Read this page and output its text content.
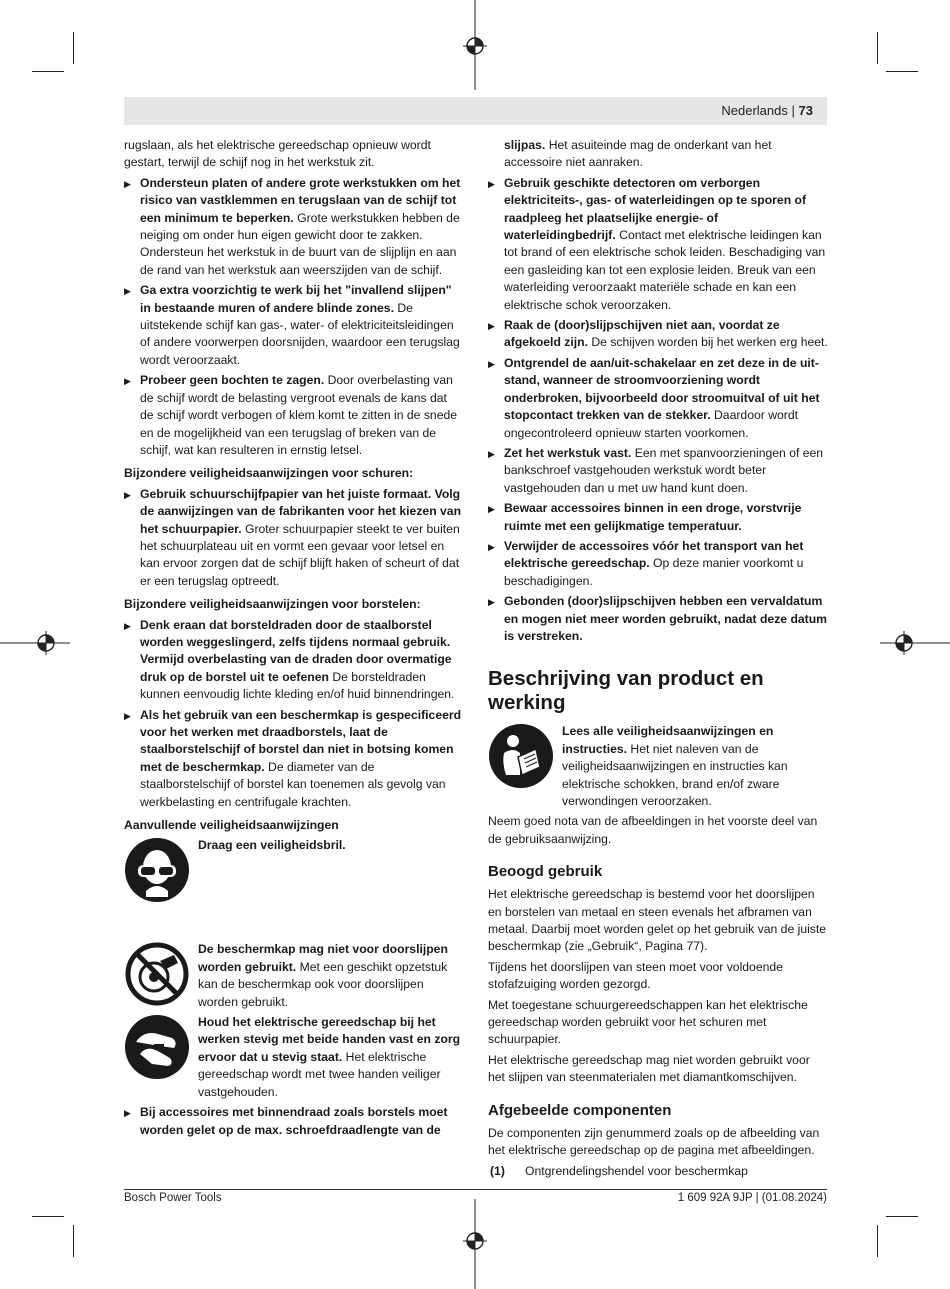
Nederlands | 73

rugslaan, als het elektrische gereedschap opnieuw wordt gestart, terwijl de schijf nog in het werkstuk zit.

▶ Ondersteun platen of andere grote werkstukken om het risico van vastklemmen en terugslaan van de schijf tot een minimum te beperken. Grote werkstukken hebben de neiging om onder hun eigen gewicht door te zakken. Ondersteun het werkstuk in de buurt van de slijplijn en aan de rand van het werkstuk aan weerszijden van de schijf.
▶ Ga extra voorzichtig te werk bij het "invallend slijpen" in bestaande muren of andere blinde zones. De uitstekende schijf kan gas-, water- of elektriciteitsleidingen of andere voorwerpen doorsnijden, waardoor een terugslag wordt veroorzaakt.
▶ Probeer geen bochten te zagen. Door overbelasting van de schijf wordt de belasting vergroot evenals de kans dat de schijf wordt verbogen of klem komt te zitten in de snede en de mogelijkheid van een terugslag of breken van de schijf, wat kan resulteren in ernstig letsel.
Bijzondere veiligheidsaanwijzingen voor schuren:
▶ Gebruik schuurschijfpapier van het juiste formaat. Volg de aanwijzingen van de fabrikanten voor het kiezen van het schuurpapier. Groter schuurpapier steekt te ver buiten het schuurplateau uit en vormt een gevaar voor letsel en kan ervoor zorgen dat de schijf blijft haken of scheurt of dat er een terugslag optreedt.
Bijzondere veiligheidsaanwijzingen voor borstelen:
▶ Denk eraan dat borsteldraden door de staalborstel worden weggeslingerd, zelfs tijdens normaal gebruik. Vermijd overbelasting van de draden door overmatige druk op de borstel uit te oefenen De borsteldraden kunnen eenvoudig lichte kleding en/of huid binnendringen.
▶ Als het gebruik van een beschermkap is gespecificeerd voor het werken met draadborstels, laat de staalborstelschijf of borstel dan niet in botsing komen met de beschermkap. De diameter van de staalborstelschijf of borstel kan toenemen als gevolg van werkbelasting en centrifugale krachten.
Aanvullende veiligheidsaanwijzingen
Draag een veiligheidsbril.
De beschermkap mag niet voor doorslijpen worden gebruikt. Met een geschikt opzetstuk kan de beschermkap ook voor doorslijpen worden gebruikt.
Houd het elektrische gereedschap bij het werken stevig met beide handen vast en zorg ervoor dat u stevig staat. Het elektrische gereedschap wordt met twee handen veiliger vastgehouden.
▶ Bij accessoires met binnendraad zoals borstels moet worden gelet op de max. schroefdraadlengte van de

slijpas. Het asuiteinde mag de onderkant van het accessoire niet aanraken.

▶ Gebruik geschikte detectoren om verborgen elektriciteits-, gas- of waterleidingen op te sporen of raadpleeg het plaatselijke energie- of waterleidingbedrijf. Contact met elektrische leidingen kan tot brand of een elektrische schok leiden. Beschadiging van een gasleiding kan tot een explosie leiden. Breuk van een waterleiding veroorzaakt materiële schade en kan een elektrische schok veroorzaken.
▶ Raak de (door)slijpschijven niet aan, voordat ze afgekoeld zijn. De schijven worden bij het werken erg heet.
▶ Ontgrendel de aan/uit-schakelaar en zet deze in de uit-stand, wanneer de stroomvoorziening wordt onderbroken, bijvoorbeeld door stroomuitval of uit het stopcontact trekken van de stekker. Daardoor wordt ongecontroleerd opnieuw starten voorkomen.
▶ Zet het werkstuk vast. Een met spanvoorzieningen of een bankschroef vastgehouden werkstuk wordt beter vastgehouden dan u met uw hand kunt doen.
▶ Bewaar accessoires binnen in een droge, vorstvrije ruimte met een gelijkmatige temperatuur.
▶ Verwijder de accessoires vóór het transport van het elektrische gereedschap. Op deze manier voorkomt u beschadigingen.
▶ Gebonden (door)slijpschijven hebben een vervaldatum en mogen niet meer worden gebruikt, nadat deze datum is verstreken.
Beschrijving van product en werking
Lees alle veiligheidsaanwijzingen en instructies. Het niet naleven van de veiligheidsaanwijzingen en instructies kan elektrische schokken, brand en/of zware verwondingen veroorzaken.

Neem goed nota van de afbeeldingen in het voorste deel van de gebruiksaanwijzing.

Beoogd gebruik

Het elektrische gereedschap is bestemd voor het doorslijpen en borstelen van metaal en steen evenals het afbramen van metaal. Daarbij moet worden gelet op het gebruik van de juiste beschermkap (zie „Gebruik“, Pagina 77).

Tijdens het doorslijpen van steen moet voor voldoende stofafzuiging worden gezorgd.

Met toegestane schuurgereedschappen kan het elektrische gereedschap worden gebruikt voor het schuren met schuurpapier.

Het elektrische gereedschap mag niet worden gebruikt voor het slijpen van steenmaterialen met diamantkomschijven.

Afgebeelde componenten

De componenten zijn genummerd zoals op de afbeelding van het elektrische gereedschap op de pagina met afbeeldingen.

(1)	Ontgrendelingshendel voor beschermkap
Bosch Power Tools	1 609 92A 9JP | (01.08.2024)
